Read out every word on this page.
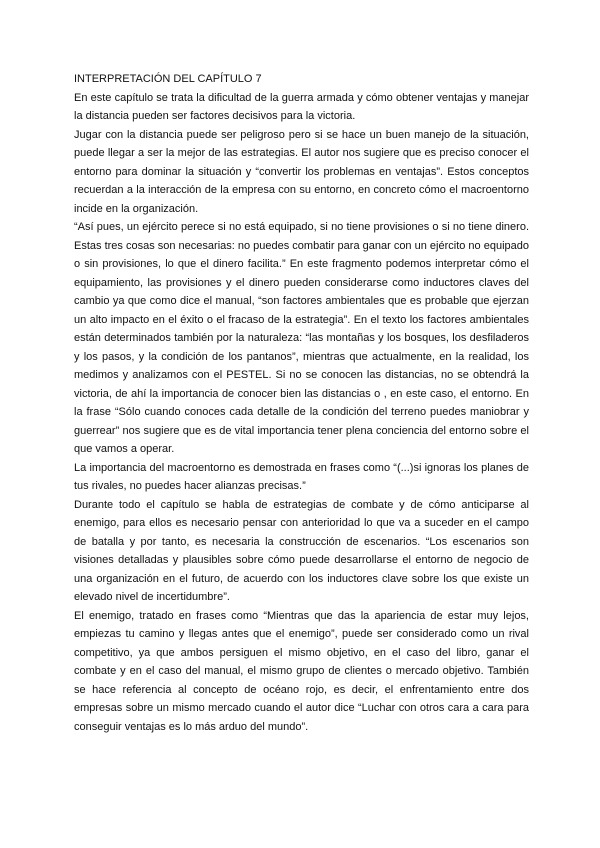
INTERPRETACIÓN DEL CAPÍTULO 7

En este capítulo se trata la dificultad de la guerra armada y cómo obtener ventajas y manejar la distancia pueden ser factores decisivos para la victoria.

Jugar con la distancia puede ser peligroso pero si se hace un buen manejo de la situación, puede llegar a ser la mejor de las estrategias. El autor nos sugiere que es preciso conocer el entorno para dominar la situación y “convertir los problemas en ventajas”. Estos conceptos recuerdan a la interacción de la empresa con su entorno, en concreto cómo el macroentorno incide en la organización.

“Así pues, un ejército perece si no está equipado, si no tiene provisiones o si no tiene dinero. Estas tres cosas son necesarias: no puedes combatir para ganar con un ejército no equipado o sin provisiones, lo que el dinero facilita.” En este fragmento podemos interpretar cómo el equipamiento, las provisiones y el dinero pueden considerarse como inductores claves del cambio ya que como dice el manual, “son factores ambientales que es probable que ejerzan un alto impacto en el éxito o el fracaso de la estrategia”. En el texto los factores ambientales están determinados también por la naturaleza: “las montañas y los bosques, los desfiladeros y los pasos, y la condición de los pantanos”, mientras que actualmente, en la realidad, los medimos y analizamos con el PESTEL. Si no se conocen las distancias, no se obtendrá la victoria, de ahí la importancia de conocer bien las distancias o , en este caso, el entorno. En la frase “Sólo cuando conoces cada detalle de la condición del terreno puedes maniobrar y guerrear” nos sugiere que es de vital importancia tener plena conciencia del entorno sobre el que vamos a operar.

La importancia del macroentorno es demostrada en frases como “(...)si ignoras los planes de tus rivales, no puedes hacer alianzas precisas.”

Durante todo el capítulo se habla de estrategias de combate y de cómo anticiparse al enemigo, para ellos es necesario pensar con anterioridad lo que va a suceder en el campo de batalla y por tanto, es necesaria la construcción de escenarios. “Los escenarios son visiones detalladas y plausibles sobre cómo puede desarrollarse el entorno de negocio de una organización en el futuro, de acuerdo con los inductores clave sobre los que existe un elevado nivel de incertidumbre”.

El enemigo, tratado en frases como “Mientras que das la apariencia de estar muy lejos, empiezas tu camino y llegas antes que el enemigo”, puede ser considerado como un rival competitivo, ya que ambos persiguen el mismo objetivo, en el caso del libro, ganar el combate y en el caso del manual, el mismo grupo de clientes o mercado objetivo. También se hace referencia al concepto de océano rojo, es decir, el enfrentamiento entre dos empresas sobre un mismo mercado cuando el autor dice “Luchar con otros cara a cara para conseguir ventajas es lo más arduo del mundo”.
